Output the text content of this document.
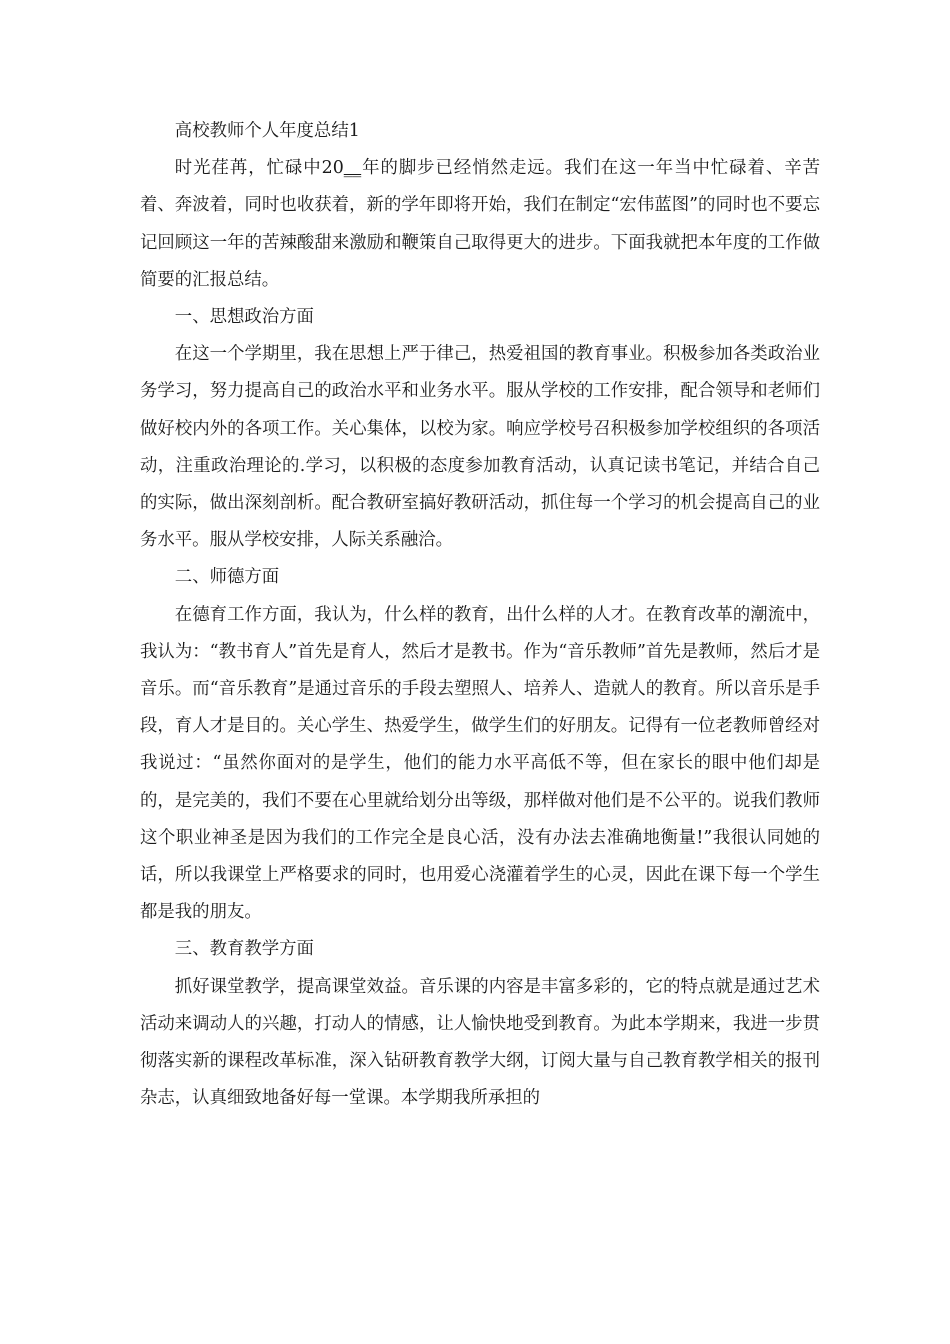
高校教师个人年度总结1

时光荏苒，忙碌中20__年的脚步已经悄然走远。我们在这一年当中忙碌着、辛苦着、奔波着，同时也收获着，新的学年即将开始，我们在制定“宏伟蓝图”的同时也不要忘记回顾这一年的苦辣酸甜来激励和鞭策自己取得更大的进步。下面我就把本年度的工作做简要的汇报总结。

一、思想政治方面

在这一个学期里，我在思想上严于律己，热爱祖国的教育事业。积极参加各类政治业务学习，努力提高自己的政治水平和业务水平。服从学校的工作安排，配合领导和老师们做好校内外的各项工作。关心集体，以校为家。响应学校号召积极参加学校组织的各项活动，注重政治理论的.学习，以积极的态度参加教育活动，认真记读书笔记，并结合自己的实际，做出深刻剖析。配合教研室搞好教研活动，抓住每一个学习的机会提高自己的业务水平。服从学校安排，人际关系融洽。

二、师德方面

在德育工作方面，我认为，什么样的教育，出什么样的人才。在教育改革的潮流中，我认为：“教书育人”首先是育人，然后才是教书。作为“音乐教师”首先是教师，然后才是音乐。而“音乐教育”是通过音乐的手段去塑照人、培养人、造就人的教育。所以音乐是手段，育人才是目的。关心学生、热爱学生，做学生们的好朋友。记得有一位老教师曾经对我说过：“虽然你面对的是学生，他们的能力水平高低不等，但在家长的眼中他们却是的，是完美的，我们不要在心里就给划分出等级，那样做对他们是不公平的。说我们教师这个职业神圣是因为我们的工作完全是良心活，没有办法去准确地衡量!”我很认同她的话，所以我课堂上严格要求的同时，也用爱心浇灌着学生的心灵，因此在课下每一个学生都是我的朋友。

三、教育教学方面

抓好课堂教学，提高课堂效益。音乐课的内容是丰富多彩的，它的特点就是通过艺术活动来调动人的兴趣，打动人的情感，让人愉快地受到教育。为此本学期来，我进一步贯彻落实新的课程改革标准，深入钻研教育教学大纲，订阅大量与自己教育教学相关的报刊杂志，认真细致地备好每一堂课。本学期我所承担的
